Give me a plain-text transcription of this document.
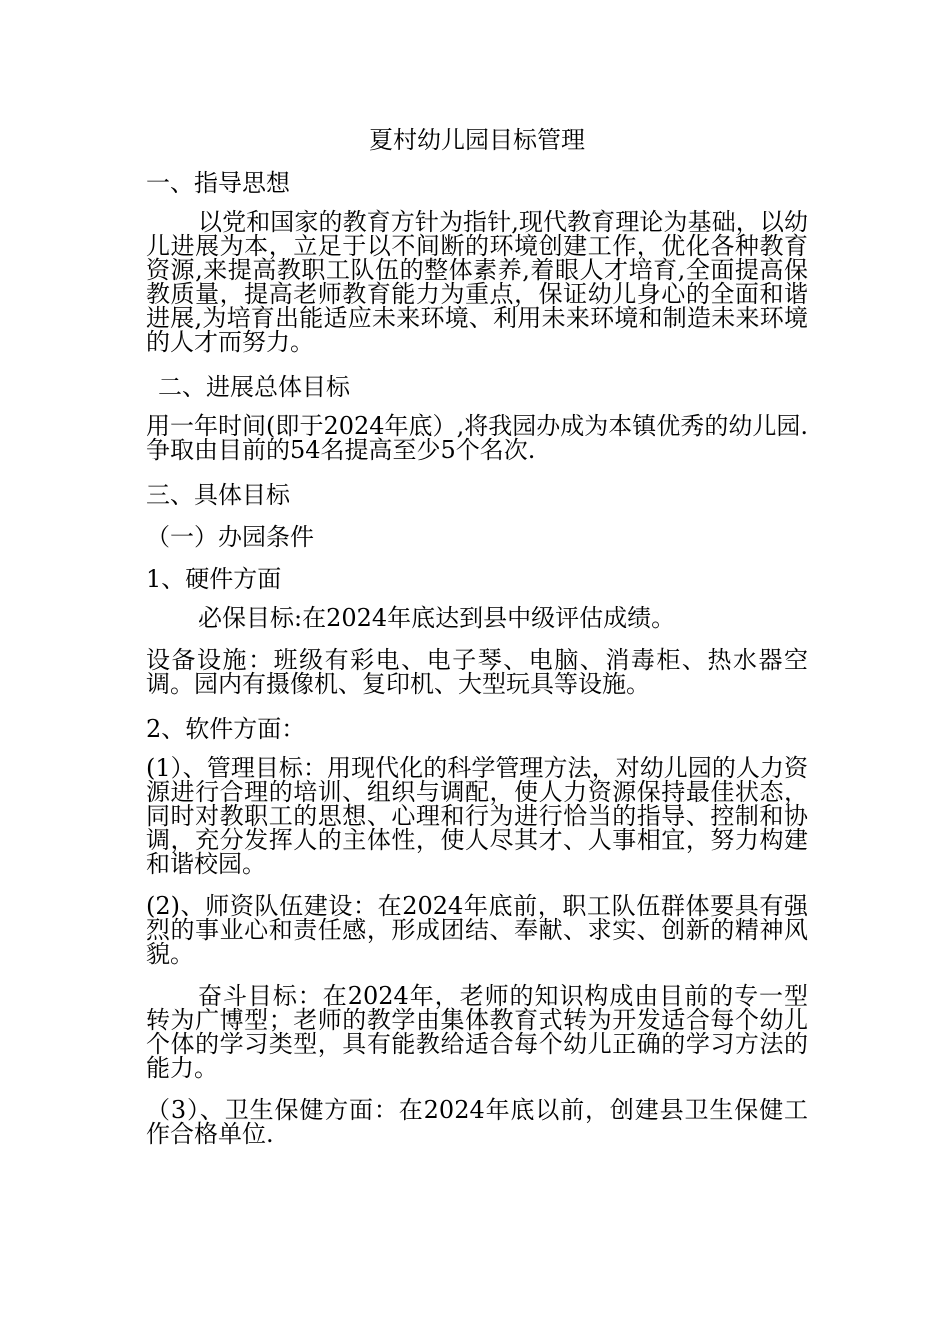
夏村幼儿园目标管理
一、指导思想
以党和国家的教育方针为指针,现代教育理论为基础，以幼儿进展为本，立足于以不间断的环境创建工作，优化各种教育资源,来提高教职工队伍的整体素养,着眼人才培育,全面提高保教质量，提高老师教育能力为重点，保证幼儿身心的全面和谐进展,为培育出能适应未来环境、利用未来环境和制造未来环境的人才而努力。
二、进展总体目标
用一年时间(即于2024年底）,将我园办成为本镇优秀的幼儿园.争取由目前的54名提高至少5个名次.
三、具体目标
（一）办园条件
1、硬件方面
必保目标:在2024年底达到县中级评估成绩。
设备设施：班级有彩电、电子琴、电脑、消毒柜、热水器空调。园内有摄像机、复印机、大型玩具等设施。
2、软件方面：
(1）、管理目标：用现代化的科学管理方法，对幼儿园的人力资源进行合理的培训、组织与调配，使人力资源保持最佳状态，同时对教职工的思想、心理和行为进行恰当的指导、控制和协调，充分发挥人的主体性，使人尽其才、人事相宜，努力构建和谐校园。
(2)、师资队伍建设：在2024年底前，职工队伍群体要具有强烈的事业心和责任感，形成团结、奉献、求实、创新的精神风貌。
奋斗目标：在2024年，老师的知识构成由目前的专一型转为广博型；老师的教学由集体教育式转为开发适合每个幼儿个体的学习类型，具有能教给适合每个幼儿正确的学习方法的能力。
（3）、卫生保健方面：在2024年底以前，创建县卫生保健工作合格单位.
